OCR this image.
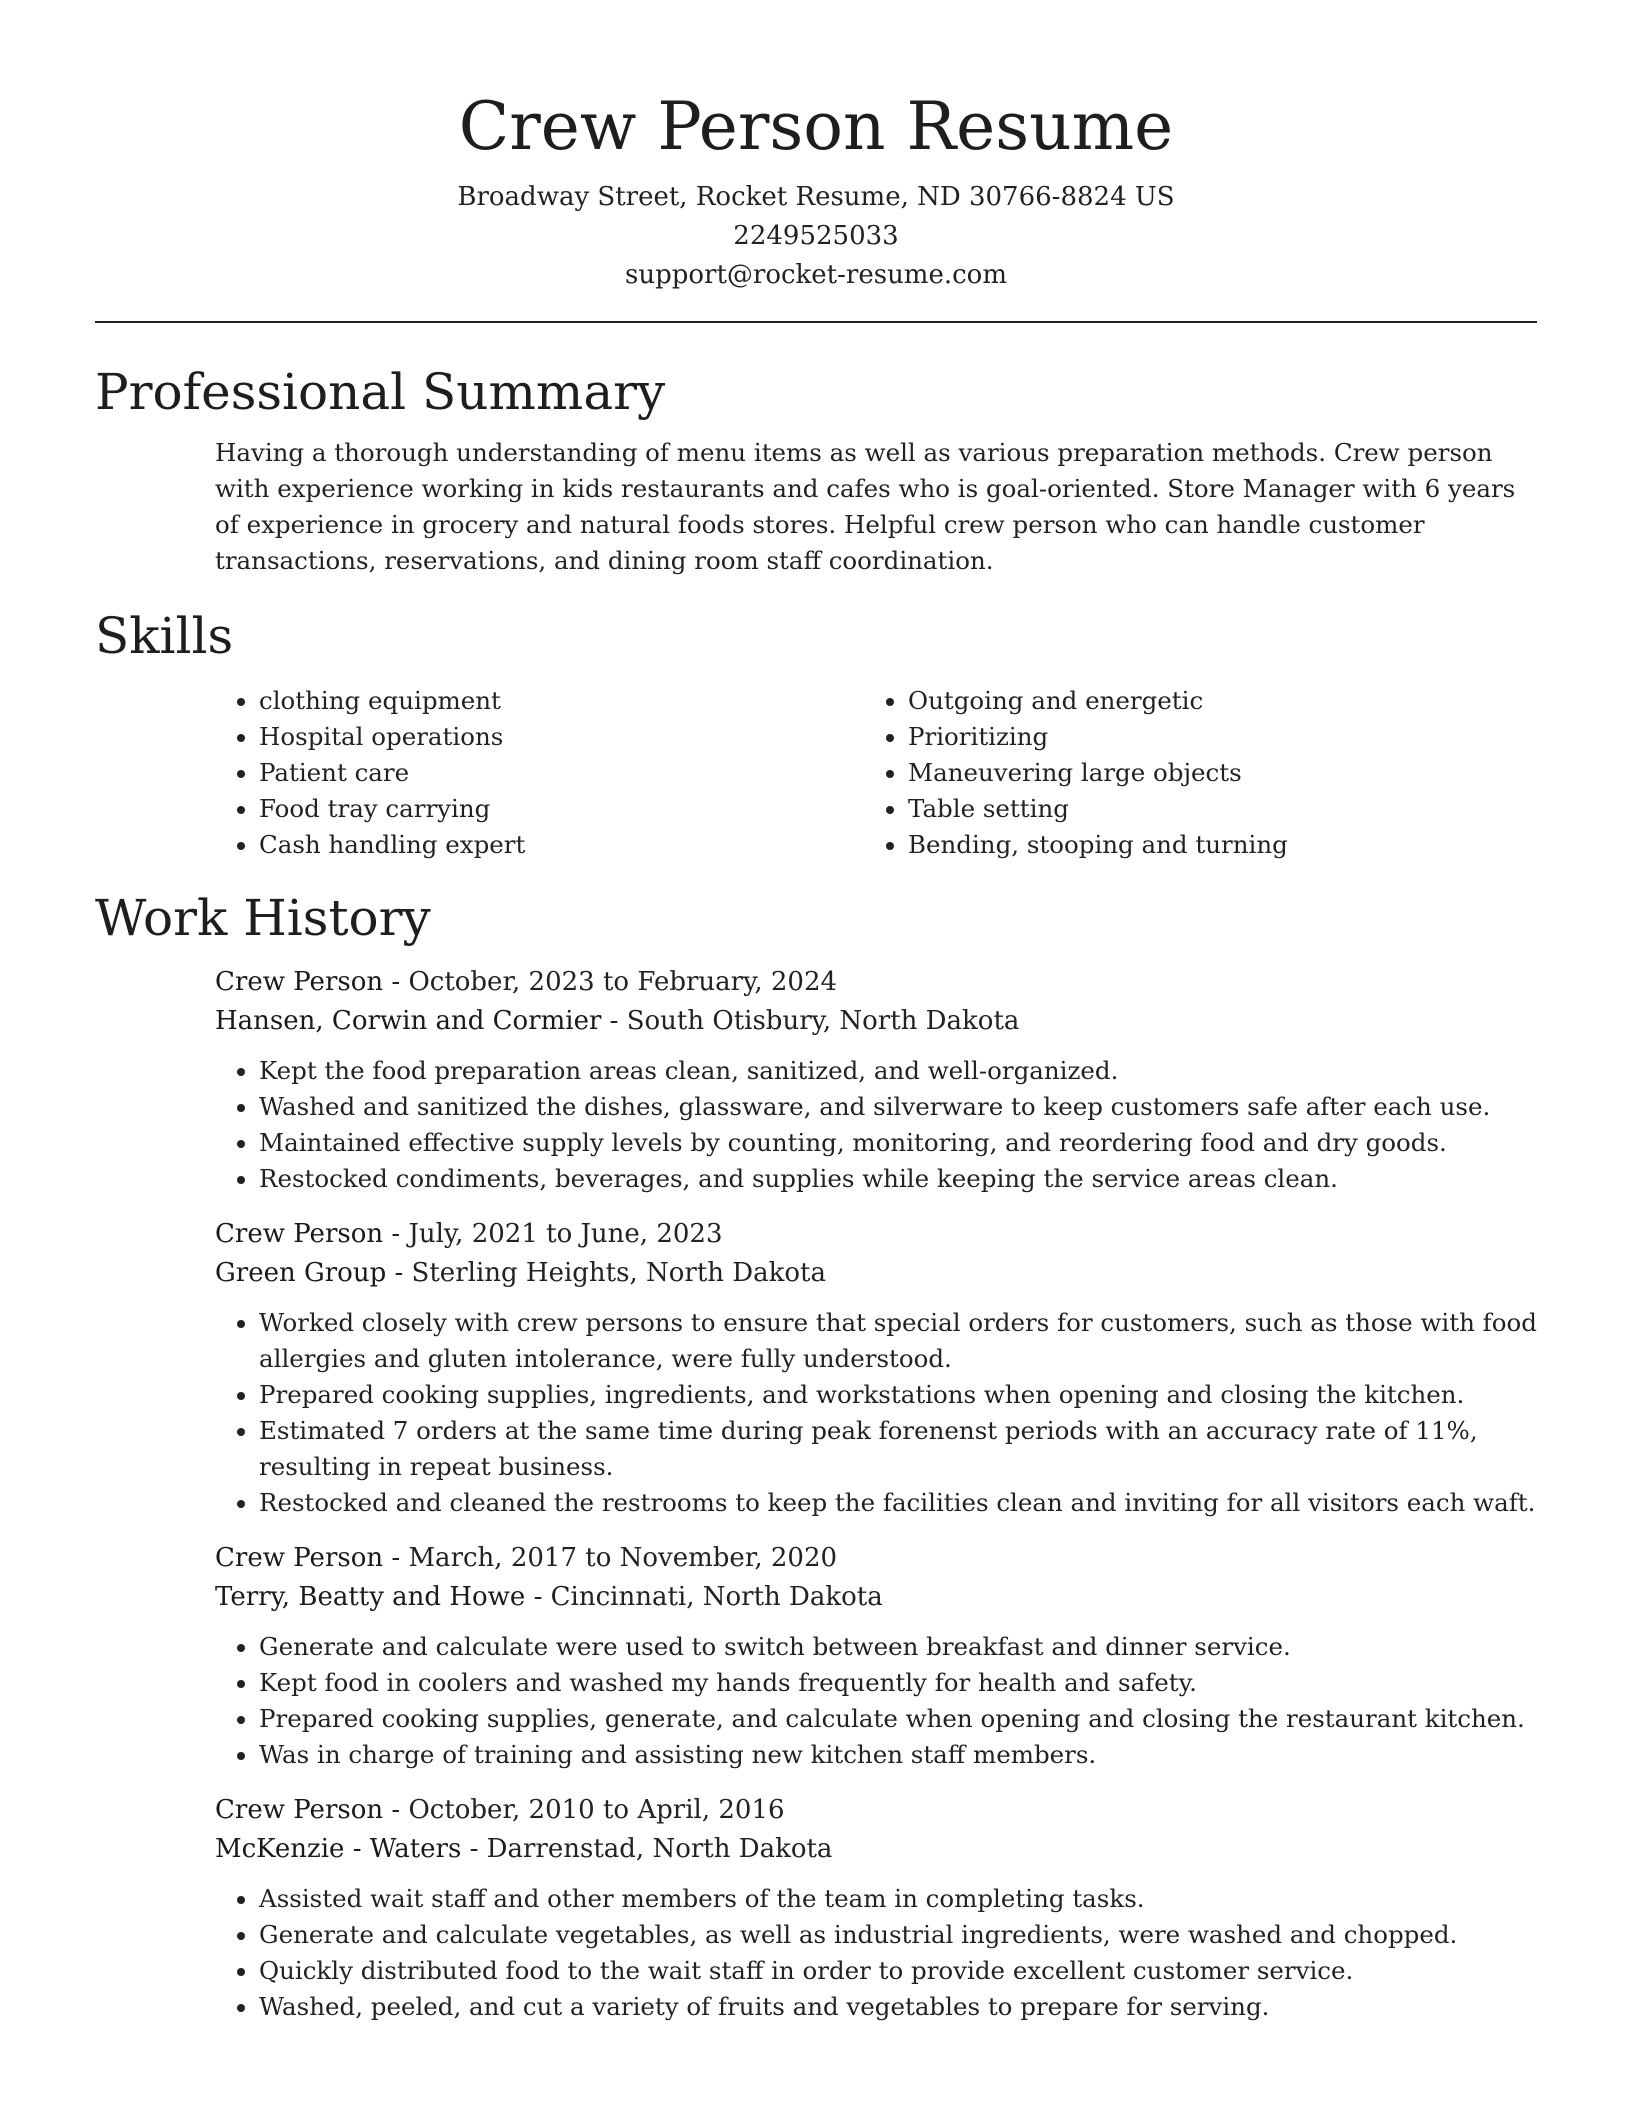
Crew Person Resume
Broadway Street, Rocket Resume, ND 30766-8824 US
2249525033
support@rocket-resume.com
Professional Summary

Having a thorough understanding of menu items as well as various preparation methods. Crew person with experience working in kids restaurants and cafes who is goal-oriented. Store Manager with 6 years of experience in grocery and natural foods stores. Helpful crew person who can handle customer transactions, reservations, and dining room staff coordination.

Skills
• clothing equipment
• Hospital operations
• Patient care
• Food tray carrying
• Cash handling expert
• Outgoing and energetic
• Prioritizing
• Maneuvering large objects
• Table setting
• Bending, stooping and turning
Work History
Crew Person - October, 2023 to February, 2024
Hansen, Corwin and Cormier - South Otisbury, North Dakota
• Kept the food preparation areas clean, sanitized, and well-organized.
• Washed and sanitized the dishes, glassware, and silverware to keep customers safe after each use.
• Maintained effective supply levels by counting, monitoring, and reordering food and dry goods.
• Restocked condiments, beverages, and supplies while keeping the service areas clean.
Crew Person - July, 2021 to June, 2023
Green Group - Sterling Heights, North Dakota
• Worked closely with crew persons to ensure that special orders for customers, such as those with food allergies and gluten intolerance, were fully understood.
• Prepared cooking supplies, ingredients, and workstations when opening and closing the kitchen.
• Estimated 7 orders at the same time during peak forenenst periods with an accuracy rate of 11%, resulting in repeat business.
• Restocked and cleaned the restrooms to keep the facilities clean and inviting for all visitors each waft.
Crew Person - March, 2017 to November, 2020
Terry, Beatty and Howe - Cincinnati, North Dakota
• Generate and calculate were used to switch between breakfast and dinner service.
• Kept food in coolers and washed my hands frequently for health and safety.
• Prepared cooking supplies, generate, and calculate when opening and closing the restaurant kitchen.
• Was in charge of training and assisting new kitchen staff members.
Crew Person - October, 2010 to April, 2016
McKenzie - Waters - Darrenstad, North Dakota
• Assisted wait staff and other members of the team in completing tasks.
• Generate and calculate vegetables, as well as industrial ingredients, were washed and chopped.
• Quickly distributed food to the wait staff in order to provide excellent customer service.
• Washed, peeled, and cut a variety of fruits and vegetables to prepare for serving.
